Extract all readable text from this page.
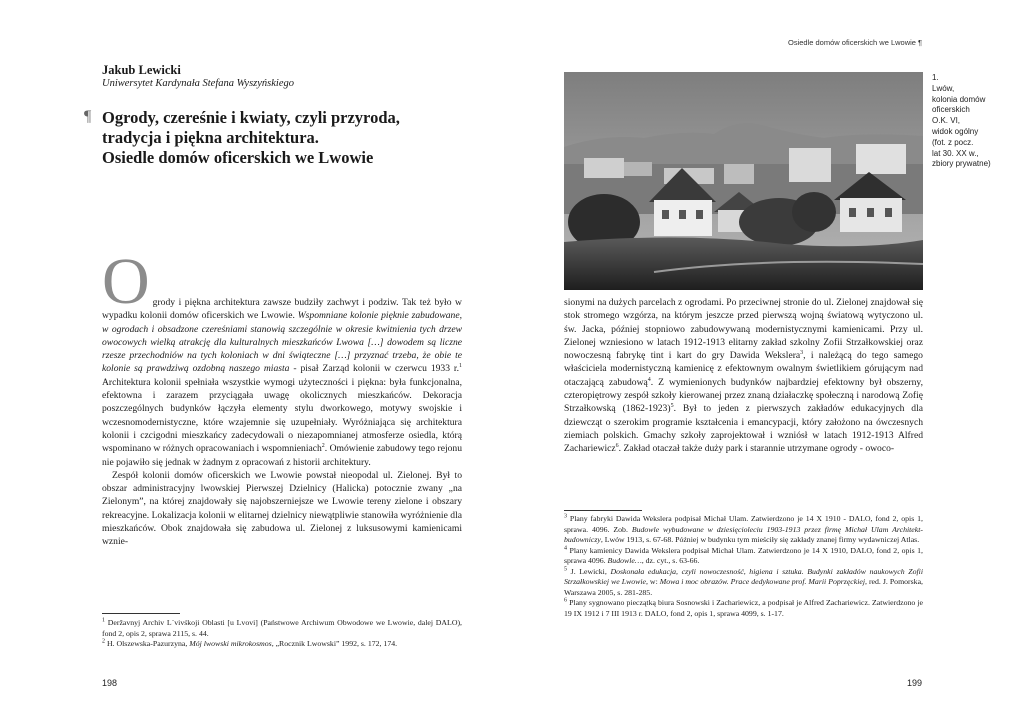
Osiedle domów oficerskich we Lwowie ¶
Jakub Lewicki
Uniwersytet Kardynała Stefana Wyszyńskiego
¶ Ogrody, czereśnie i kwiaty, czyli przyroda,
tradycja i piękna architektura.
Osiedle domów oficerskich we Lwowie

Ogrody i piękna architektura zawsze budziły zachwyt i podziw. Tak też było w wypadku kolonii domów oficerskich we Lwowie. Wspomniane kolonie pięknie zabudowane, w ogrodach i obsadzone czereśniami stanowią szczególnie w okresie kwitnienia tych drzew owocowych wielką atrakcję dla kulturalnych mieszkańców Lwowa […] dowodem są liczne rzesze przechodniów na tych koloniach w dni świąteczne […] przyznać trzeba, że obie te kolonie są prawdziwą ozdobną naszego miasta - pisał Zarząd kolonii w czerwcu 1933 r.$^1$ Architektura kolonii spełniała wszystkie wymogi użyteczności i piękna: była funkcjonalna, efektowna i zarazem przyciągała uwagę okolicznych mieszkańców. Dekoracja poszczególnych budynków łączyła elementy stylu dworkowego, motywy swojskie i wczesnomodernistyczne, które wzajemnie się uzupełniały. Wyróżniająca się architektura kolonii i czcigodni mieszkańcy zadecydowali o niezapomnianej atmosferze osiedla, którą wspominano w różnych opracowaniach i wspomnieniach$^2$. Omówienie zabudowy tego rejonu nie pojawiło się jednak w żadnym z opracowań z historii architektury.

Zespół kolonii domów oficerskich we Lwowie powstał nieopodal ul. Zielonej. Był to obszar administracyjny lwowskiej Pierwszej Dzielnicy (Halicka) potocznie zwany „na Zielonym”, na której znajdowały się najobszerniejsze we Lwowie tereny zielone i obszary rekreacyjne. Lokalizacja kolonii w elitarnej dzielnicy niewątpliwie stanowiła wyróżnienie dla mieszkańców. Obok znajdowała się zabudowa ul. Zielonej z luksusowymi kamienicami wznie-

$^1$ Deržavnyj Archiv L`vivśkoji Oblasti [u Lvovi] (Państwowe Archiwum Obwodowe we Lwowie, dalej DALO), fond 2, opis 2, sprawa 2115, s. 44.

$^2$ H. Olszewska-Pazurzyna, Mój lwowski mikrokosmos, „Rocznik Lwowski” 1992, s. 172, 174.

198
1.
Lwów,
kolonia domów
oficerskich
O.K. VI,
widok ogólny
(fot. z pocz.
lat 30. XX w.,
zbiory prywatne)

sionymi na dużych parcelach z ogrodami. Po przeciwnej stronie do ul. Zielonej znajdował się stok stromego wzgórza, na którym jeszcze przed pierwszą wojną światową wytyczono ul. św. Jacka, później stopniowo zabudowywaną modernistycznymi kamienicami. Przy ul. Zielonej wzniesiono w latach 1912-1913 elitarny zakład szkolny Zofii Strzałkowskiej oraz nowoczesną fabrykę tint i kart do gry Dawida Wekslera$^3$, i należącą do tego samego właściciela modernistyczną kamienicę z efektownym owalnym świetlikiem górującym nad otaczającą zabudową$^4$. Z wymienionych budynków najbardziej efektowny był obszerny, czteropiętrowy zespół szkoły kierowanej przez znaną działaczkę społeczną i narodową Zofię Strzałkowską (1862-1923)$^5$. Był to jeden z pierwszych zakładów edukacyjnych dla dziewcząt o szerokim programie kształcenia i emancypacji, który założono na ówczesnych ziemiach polskich. Gmachy szkoły zaprojektował i wzniósł w latach 1912-1913 Alfred Zachariewicz$^6$. Zakład otaczał także duży park i starannie utrzymane ogrody - owoco-

$^3$ Plany fabryki Dawida Wekslera podpisał Michał Ulam. Zatwierdzono je 14 X 1910 - DALO, fond 2, opis 1, sprawa. 4096. Zob. Budowle wybudowane w dziesięcioleciu 1903-1913 przez firmę Michał Ulam Architekt-budowniczy, Lwów 1913, s. 67-68. Później w budynku tym mieściły się zakłady znanej firmy wydawniczej Atlas.

$^4$ Plany kamienicy Dawida Wekslera podpisał Michał Ulam. Zatwierdzono je 14 X 1910, DALO, fond 2, opis 1, sprawa 4096. Budowle…, dz. cyt., s. 63-66.

$^5$ J. Lewicki, Doskonała edukacja, czyli nowoczesność, higiena i sztuka. Budynki zakładów naukowych Zofii Strzałkowskiej we Lwowie, w: Mowa i moc obrazów. Prace dedykowane prof. Marii Poprzęckiej, red. J. Pomorska, Warszawa 2005, s. 281-285.

$^6$ Plany sygnowano pieczątką biura Sosnowski i Zachariewicz, a podpisał je Alfred Zachariewicz. Zatwierdzono je 19 IX 1912 i 7 III 1913 r. DALO, fond 2, opis 1, sprawa 4099, s. 1-17.

199
